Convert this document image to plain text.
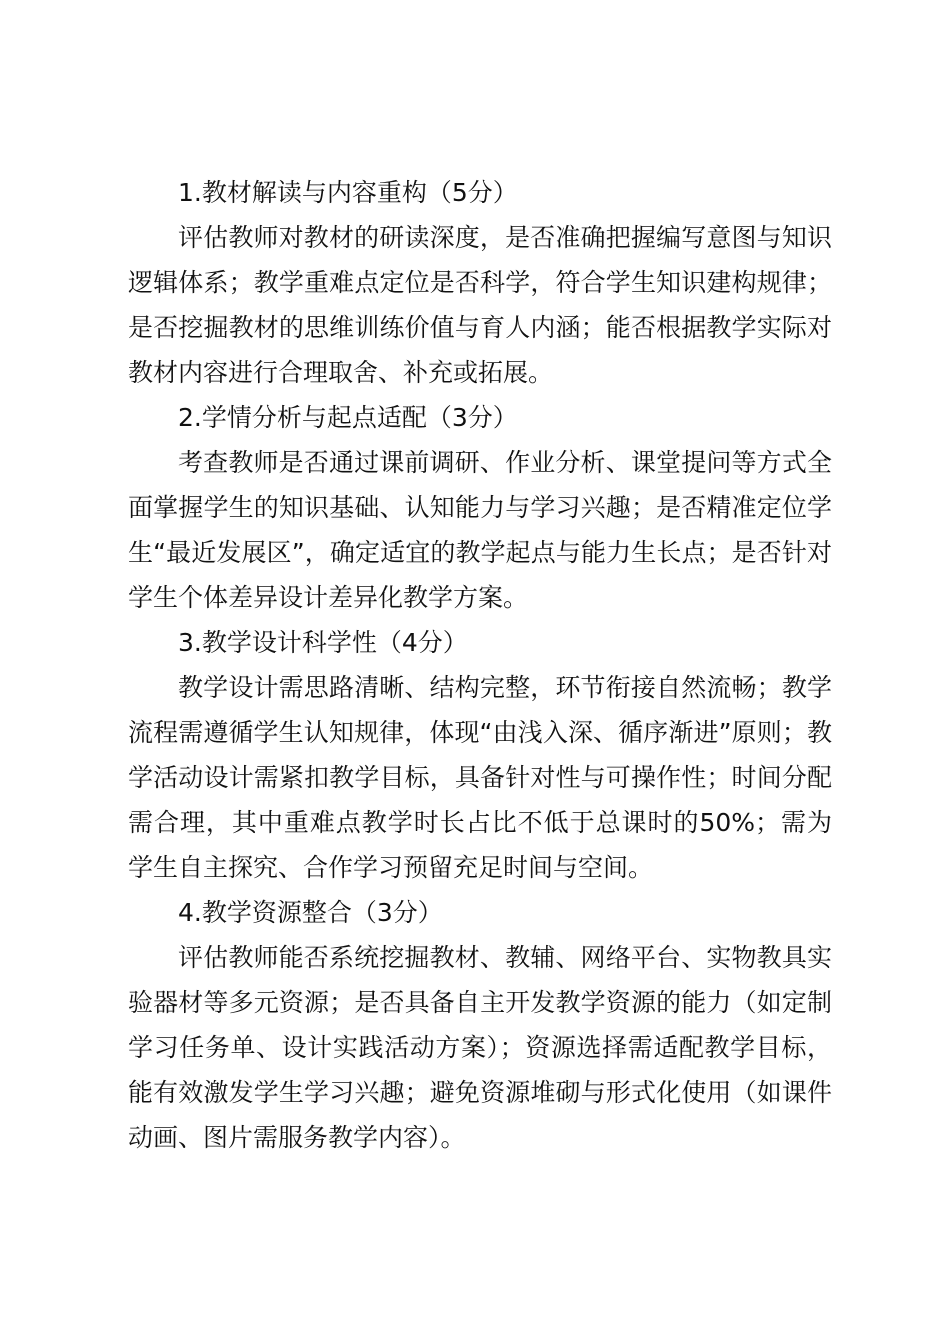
1.教材解读与内容重构（5分）

评估教师对教材的研读深度，是否准确把握编写意图与知识逻辑体系；教学重难点定位是否科学，符合学生知识建构规律；是否挖掘教材的思维训练价值与育人内涵；能否根据教学实际对教材内容进行合理取舍、补充或拓展。

2.学情分析与起点适配（3分）

考查教师是否通过课前调研、作业分析、课堂提问等方式全面掌握学生的知识基础、认知能力与学习兴趣；是否精准定位学生“最近发展区”，确定适宜的教学起点与能力生长点；是否针对学生个体差异设计差异化教学方案。

3.教学设计科学性（4分）

教学设计需思路清晰、结构完整，环节衔接自然流畅；教学流程需遵循学生认知规律，体现“由浅入深、循序渐进”原则；教学活动设计需紧扣教学目标，具备针对性与可操作性；时间分配需合理，其中重难点教学时长占比不低于总课时的50%；需为学生自主探究、合作学习预留充足时间与空间。

4.教学资源整合（3分）

评估教师能否系统挖掘教材、教辅、网络平台、实物教具实验器材等多元资源；是否具备自主开发教学资源的能力（如定制学习任务单、设计实践活动方案）；资源选择需适配教学目标，能有效激发学生学习兴趣；避免资源堆砌与形式化使用（如课件动画、图片需服务教学内容）。
